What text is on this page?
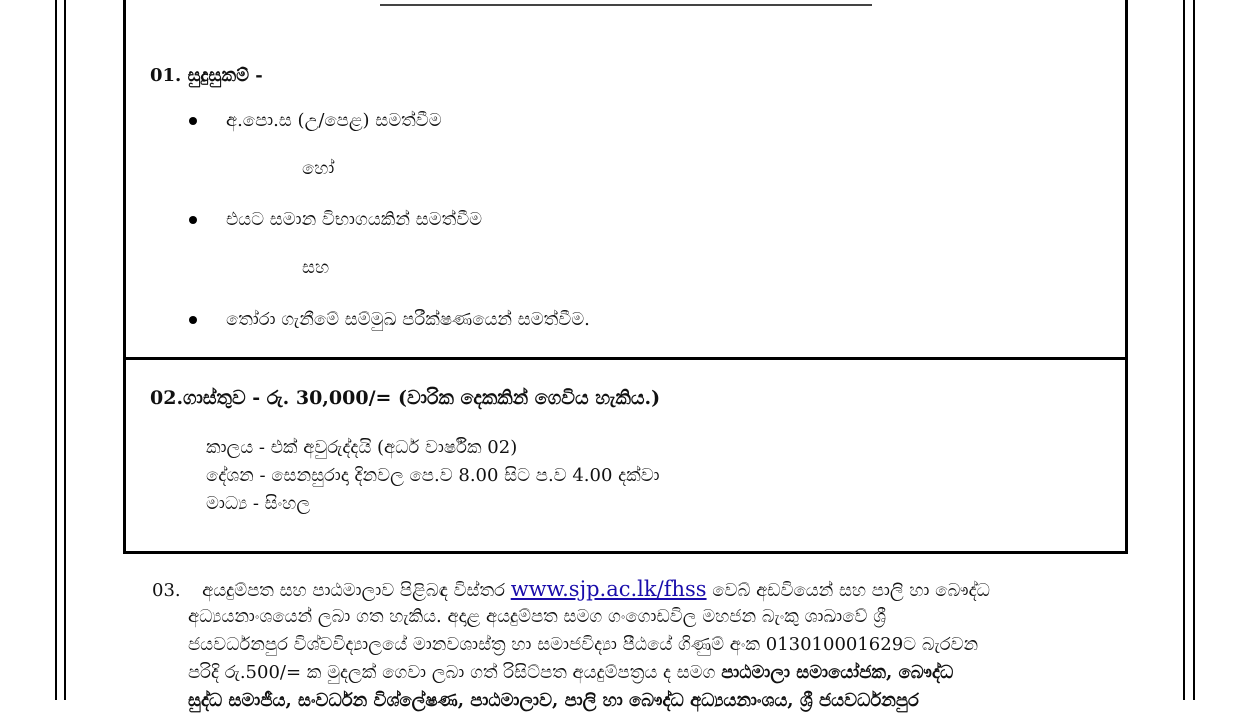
01. සුදුසුකම් -
අ.පො.ස (උ/පෙළ) සමත්වීම
හෝ
එයට සමාන විභාගයකින් සමත්වීම
සහ
තෝරා ගැනීමේ සම්මුඛ පරීක්ෂණයෙන් සමත්වීම.
02.ගාස්තුව - රු. 30,000/= (වාරික දෙකකින් ගෙවිය හැකිය.)
කාලය - එක් අවුරුද්දයි (අර්ධ වාර්ෂික 02)
දේශන - සෙනසුරාදා දිනවල පෙ.ව 8.00 සිට ප.ව 4.00 දක්වා
මාධ්‍ය - සිංහල
03. අයදුම්පත සහ පාඨමාලාව පිළිබඳ විස්තර www.sjp.ac.lk/fhss වෙබ් අඩවියෙන් සහ පාලි හා බෞද්ධ
අධ්‍යයනාංශයෙන් ලබා ගත හැකිය. අදාළ අයදුම්පත සමග ගංගොඩවිල මහජන බැංකු ශාඛාවේ ශ්‍රී
ජයවර්ධනපුර විශ්වවිද්‍යාලයේ මානවශාස්ත්‍ර හා සමාජවිද්‍යා පීඨයේ ගිණුම් අංක 013010001629ට බැරවන
පරිදි රු.500/= ක මුදලක් ගෙවා ලබා ගත් රිසිට්පත අයදුම්පත්‍රය ද සමග පාඨමාලා සමායෝජක, බෞද්ධ
සුද්ධ සමාජීය, සංවර්ධන විශ්ලේෂණ, පාඨමාලාව, පාලි හා බෞද්ධ අධ්‍යයනාංශය, ශ්‍රී ජයවර්ධනපුර
